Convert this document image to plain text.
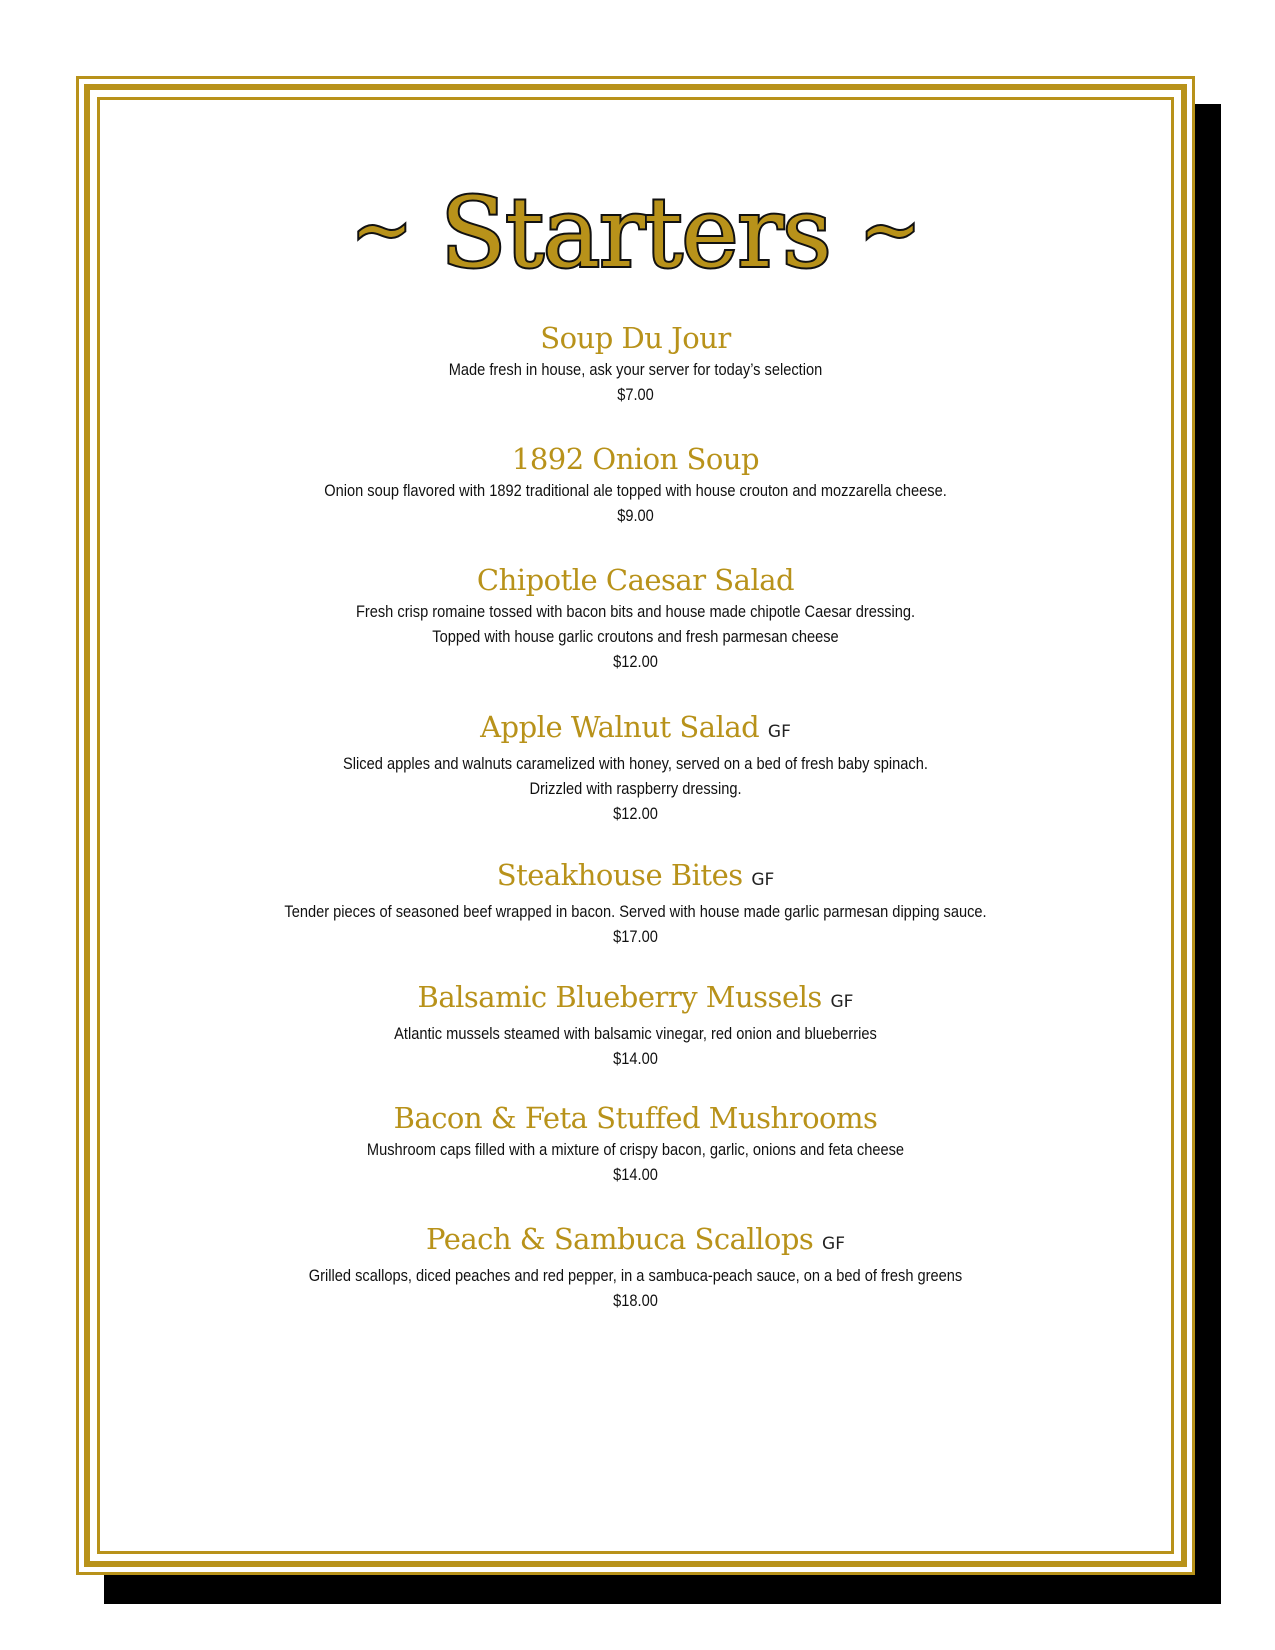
~ Starters ~
Soup Du Jour
Made fresh in house, ask your server for today’s selection
$7.00
1892 Onion Soup
Onion soup flavored with 1892 traditional ale topped with house crouton and mozzarella cheese.
$9.00
Chipotle Caesar Salad
Fresh crisp romaine tossed with bacon bits and house made chipotle Caesar dressing.
Topped with house garlic croutons and fresh parmesan cheese
$12.00
Apple Walnut Salad GF
Sliced apples and walnuts caramelized with honey, served on a bed of fresh baby spinach.
Drizzled with raspberry dressing.
$12.00
Steakhouse Bites GF
Tender pieces of seasoned beef wrapped in bacon. Served with house made garlic parmesan dipping sauce.
$17.00
Balsamic Blueberry Mussels GF
Atlantic mussels steamed with balsamic vinegar, red onion and blueberries
$14.00
Bacon & Feta Stuffed Mushrooms
Mushroom caps filled with a mixture of crispy bacon, garlic, onions and feta cheese
$14.00
Peach & Sambuca Scallops GF
Grilled scallops, diced peaches and red pepper, in a sambuca-peach sauce, on a bed of fresh greens
$18.00
